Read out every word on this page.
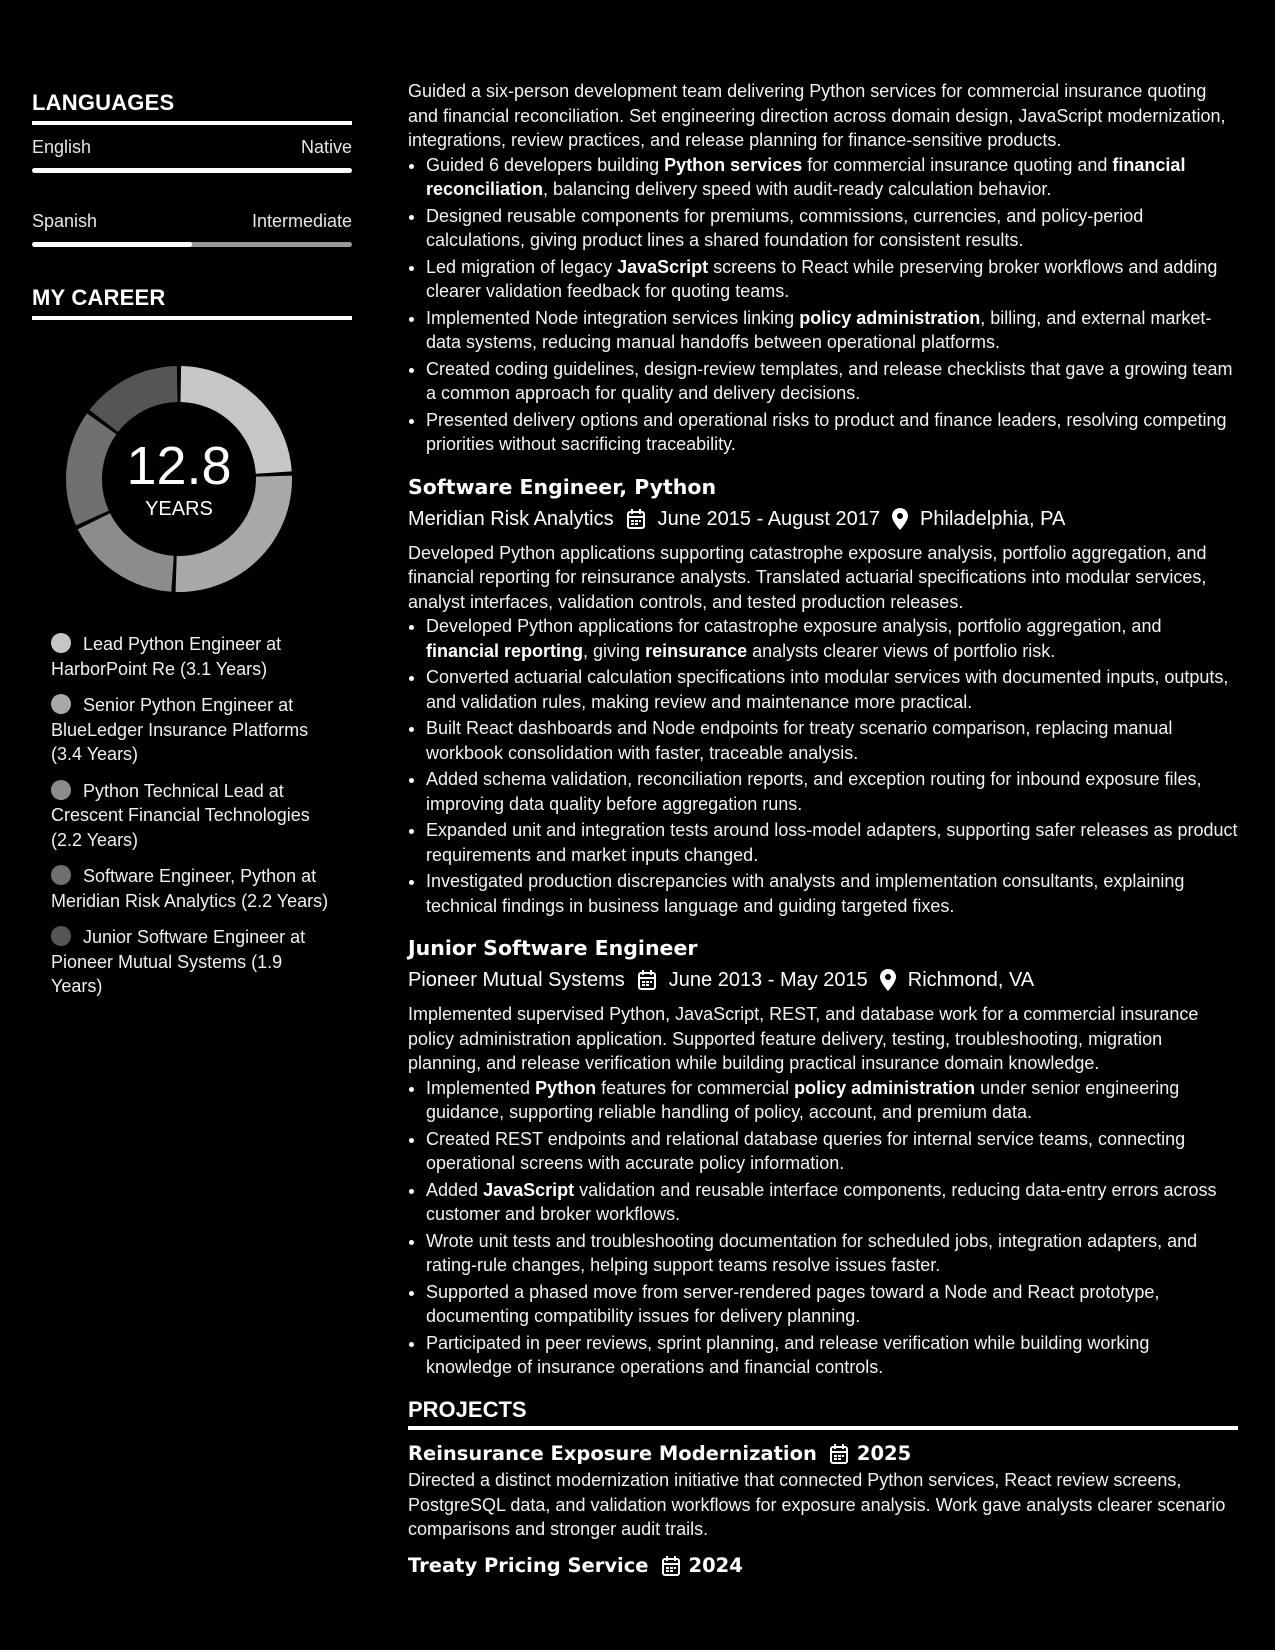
LANGUAGES
English	Native
Spanish	Intermediate
MY CAREER
12.8
YEARS
Lead Python Engineer at HarborPoint Re (3.1 Years)
Senior Python Engineer at BlueLedger Insurance Platforms (3.4 Years)
Python Technical Lead at Crescent Financial Technologies (2.2 Years)
Software Engineer, Python at Meridian Risk Analytics (2.2 Years)
Junior Software Engineer at Pioneer Mutual Systems (1.9 Years)

Guided a six-person development team delivering Python services for commercial insurance quoting and financial reconciliation. Set engineering direction across domain design, JavaScript modernization, integrations, review practices, and release planning for finance-sensitive products.

• Guided 6 developers building Python services for commercial insurance quoting and financial reconciliation, balancing delivery speed with audit-ready calculation behavior.
• Designed reusable components for premiums, commissions, currencies, and policy-period calculations, giving product lines a shared foundation for consistent results.
• Led migration of legacy JavaScript screens to React while preserving broker workflows and adding clearer validation feedback for quoting teams.
• Implemented Node integration services linking policy administration, billing, and external market-data systems, reducing manual handoffs between operational platforms.
• Created coding guidelines, design-review templates, and release checklists that gave a growing team a common approach for quality and delivery decisions.
• Presented delivery options and operational risks to product and finance leaders, resolving competing priorities without sacrificing traceability.
Software Engineer, Python
Meridian Risk Analytics June 2015 - August 2017 Philadelphia, PA

Developed Python applications supporting catastrophe exposure analysis, portfolio aggregation, and financial reporting for reinsurance analysts. Translated actuarial specifications into modular services, analyst interfaces, validation controls, and tested production releases.

• Developed Python applications for catastrophe exposure analysis, portfolio aggregation, and financial reporting, giving reinsurance analysts clearer views of portfolio risk.
• Converted actuarial calculation specifications into modular services with documented inputs, outputs, and validation rules, making review and maintenance more practical.
• Built React dashboards and Node endpoints for treaty scenario comparison, replacing manual workbook consolidation with faster, traceable analysis.
• Added schema validation, reconciliation reports, and exception routing for inbound exposure files, improving data quality before aggregation runs.
• Expanded unit and integration tests around loss-model adapters, supporting safer releases as product requirements and market inputs changed.
• Investigated production discrepancies with analysts and implementation consultants, explaining technical findings in business language and guiding targeted fixes.
Junior Software Engineer
Pioneer Mutual Systems June 2013 - May 2015 Richmond, VA

Implemented supervised Python, JavaScript, REST, and database work for a commercial insurance policy administration application. Supported feature delivery, testing, troubleshooting, migration planning, and release verification while building practical insurance domain knowledge.

• Implemented Python features for commercial policy administration under senior engineering guidance, supporting reliable handling of policy, account, and premium data.
• Created REST endpoints and relational database queries for internal service teams, connecting operational screens with accurate policy information.
• Added JavaScript validation and reusable interface components, reducing data-entry errors across customer and broker workflows.
• Wrote unit tests and troubleshooting documentation for scheduled jobs, integration adapters, and rating-rule changes, helping support teams resolve issues faster.
• Supported a phased move from server-rendered pages toward a Node and React prototype, documenting compatibility issues for delivery planning.
• Participated in peer reviews, sprint planning, and release verification while building working knowledge of insurance operations and financial controls.
PROJECTS
Reinsurance Exposure Modernization 2025

Directed a distinct modernization initiative that connected Python services, React review screens, PostgreSQL data, and validation workflows for exposure analysis. Work gave analysts clearer scenario comparisons and stronger audit trails.

Treaty Pricing Service 2024
